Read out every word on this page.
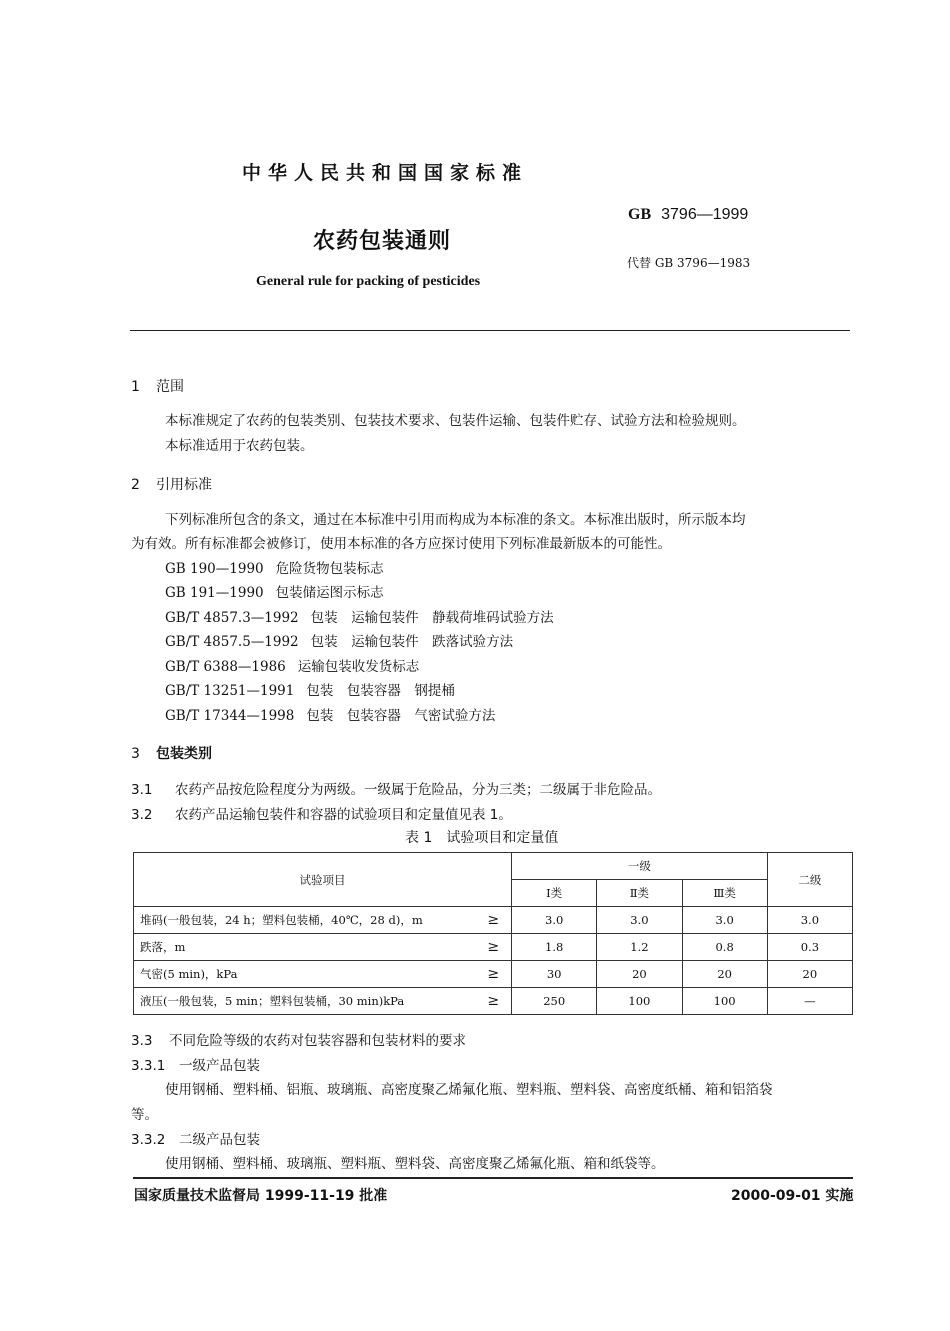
中华人民共和国国家标准
GB 3796—1999
农药包装通则
代替 GB 3796—1983
General rule for packing of pesticides
1 范围
本标准规定了农药的包装类别、包装技术要求、包装件运输、包装件贮存、试验方法和检验规则。
本标准适用于农药包装。
2 引用标准
下列标准所包含的条文，通过在本标准中引用而构成为本标准的条文。本标准出版时，所示版本均
为有效。所有标准都会被修订，使用本标准的各方应探讨使用下列标准最新版本的可能性。
GB 190—1990 危险货物包装标志
GB 191—1990 包装储运图示标志
GB/T 4857.3—1992 包装　运输包装件　静载荷堆码试验方法
GB/T 4857.5—1992 包装　运输包装件　跌落试验方法
GB/T 6388—1986 运输包装收发货标志
GB/T 13251—1991 包装　包装容器　钢提桶
GB/T 17344—1998 包装　包装容器　气密试验方法
3 包装类别
3.1 农药产品按危险程度分为两级。一级属于危险品，分为三类；二级属于非危险品。
3.2 农药产品运输包装件和容器的试验项目和定量值见表 1。
表 1　试验项目和定量值
试验项目	一级			二级
	Ⅰ类	Ⅱ类	Ⅲ类	
堆码(一般包装，24 h；塑料包装桶，40℃，28 d)，m ≥	3.0	3.0	3.0	3.0
跌落，m ≥	1.8	1.2	0.8	0.3
气密(5 min)，kPa ≥	30	20	20	20
液压(一般包装，5 min；塑料包装桶，30 min)kPa ≥	250	100	100	—
3.3 不同危险等级的农药对包装容器和包装材料的要求
3.3.1 一级产品包装
使用钢桶、塑料桶、铝瓶、玻璃瓶、高密度聚乙烯氟化瓶、塑料瓶、塑料袋、高密度纸桶、箱和铝箔袋
等。
3.3.2 二级产品包装
使用钢桶、塑料桶、玻璃瓶、塑料瓶、塑料袋、高密度聚乙烯氟化瓶、箱和纸袋等。
国家质量技术监督局 1999-11-19 批准	2000-09-01 实施
